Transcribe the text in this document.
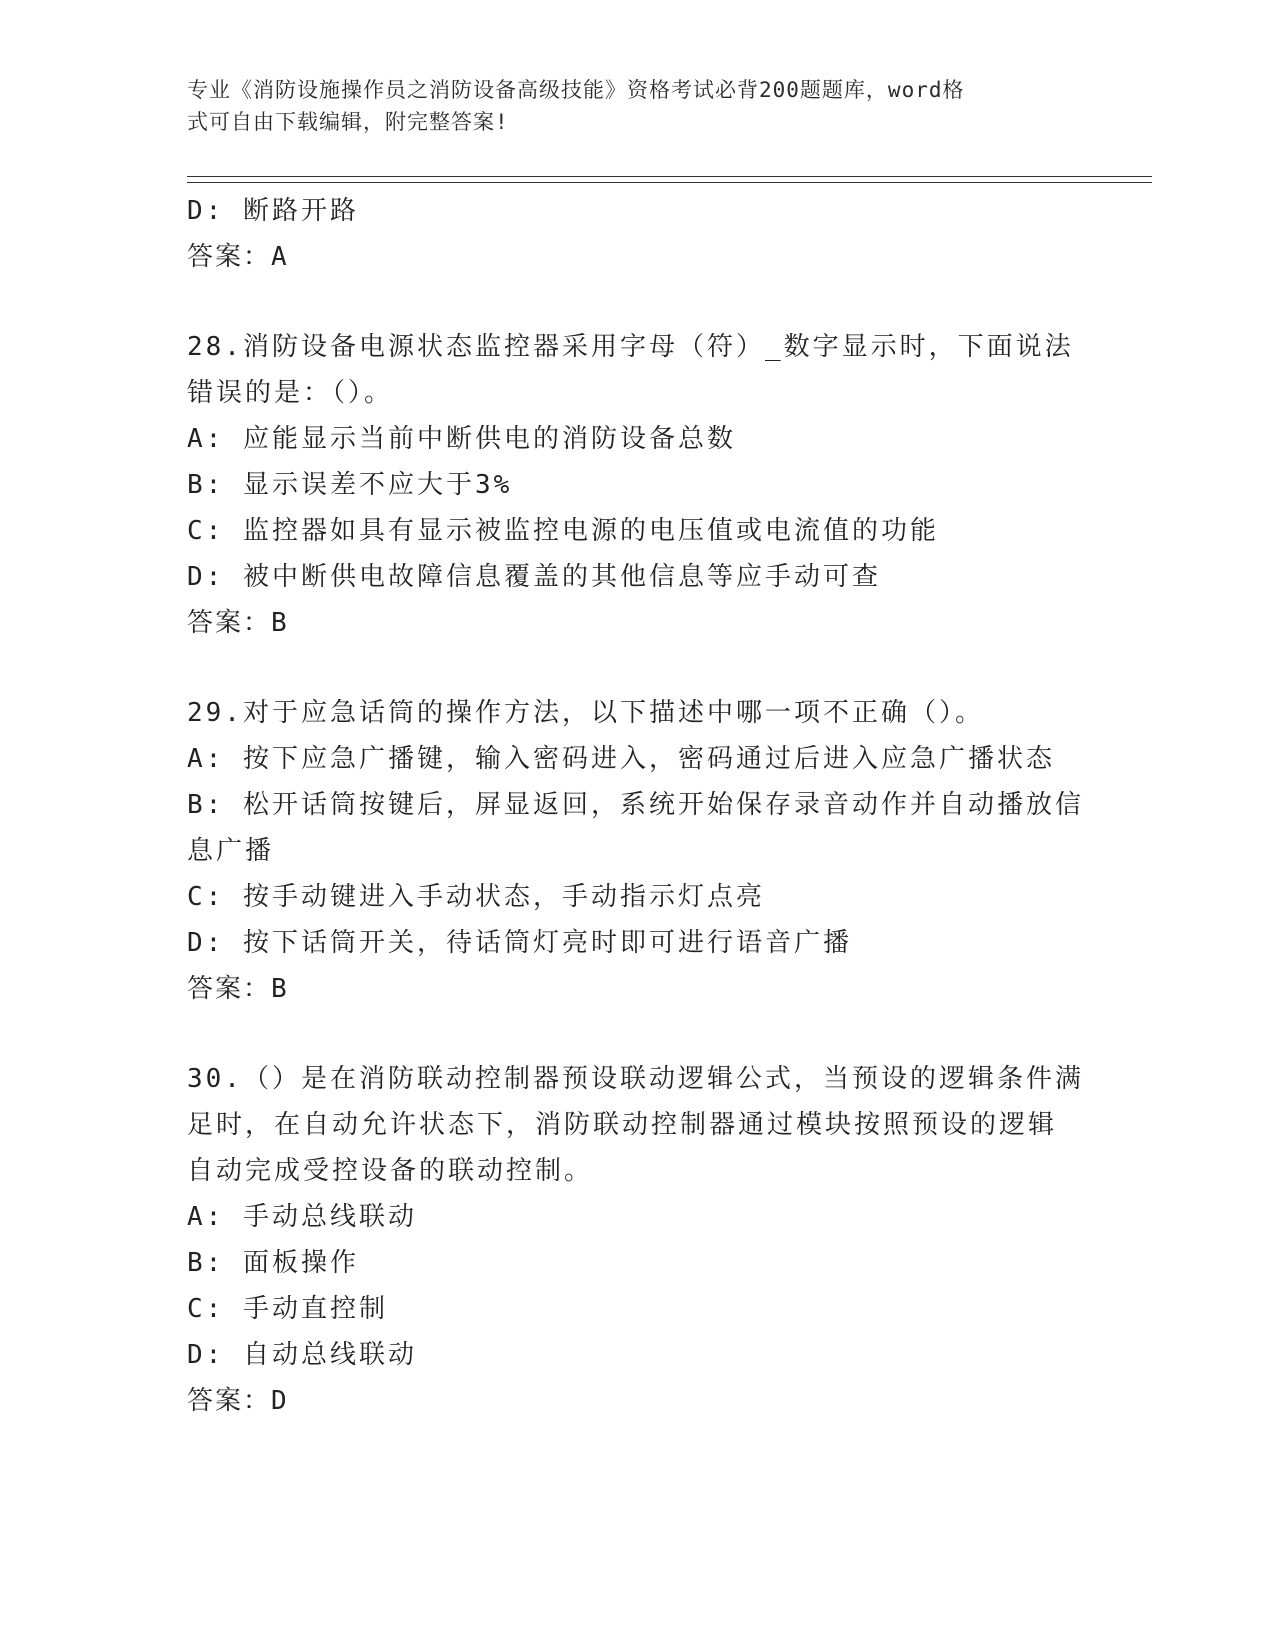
专业《消防设施操作员之消防设备高级技能》资格考试必背200题题库，word格
式可自由下载编辑，附完整答案!
D: 断路开路
答案：A
28.消防设备电源状态监控器采用字母（符）_数字显示时，下面说法
错误的是：（）。
A: 应能显示当前中断供电的消防设备总数
B: 显示误差不应大于3%
C: 监控器如具有显示被监控电源的电压值或电流值的功能
D: 被中断供电故障信息覆盖的其他信息等应手动可查
答案：B
29.对于应急话筒的操作方法，以下描述中哪一项不正确（）。
A: 按下应急广播键，输入密码进入，密码通过后进入应急广播状态
B: 松开话筒按键后，屏显返回，系统开始保存录音动作并自动播放信
息广播
C: 按手动键进入手动状态，手动指示灯点亮
D: 按下话筒开关，待话筒灯亮时即可进行语音广播
答案：B
30.（）是在消防联动控制器预设联动逻辑公式，当预设的逻辑条件满
足时，在自动允许状态下，消防联动控制器通过模块按照预设的逻辑
自动完成受控设备的联动控制。
A: 手动总线联动
B: 面板操作
C: 手动直控制
D: 自动总线联动
答案：D
